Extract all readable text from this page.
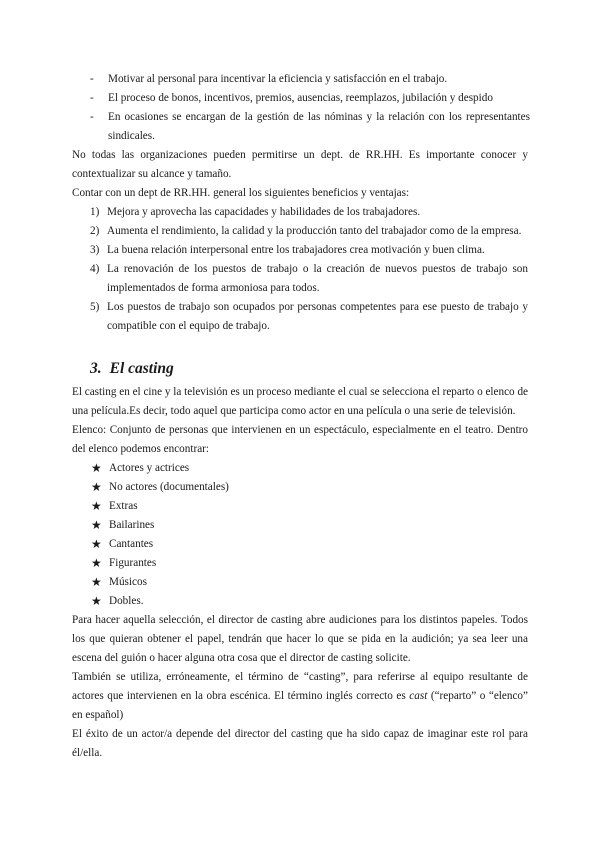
- Motivar al personal para incentivar la eficiencia y satisfacción en el trabajo.
- El proceso de bonos, incentivos, premios, ausencias, reemplazos, jubilación y despido
- En ocasiones se encargan de la gestión de las nóminas y la relación con los representantes sindicales.
No todas las organizaciones pueden permitirse un dept. de RR.HH. Es importante conocer y contextualizar su alcance y tamaño.
Contar con un dept de RR.HH. general los siguientes beneficios y ventajas:
1) Mejora y aprovecha las capacidades y habilidades de los trabajadores.
2) Aumenta el rendimiento, la calidad y la producción tanto del trabajador como de la empresa.
3) La buena relación interpersonal entre los trabajadores crea motivación y buen clima.
4) La renovación de los puestos de trabajo o la creación de nuevos puestos de trabajo son implementados de forma armoniosa para todos.
5) Los puestos de trabajo son ocupados por personas competentes para ese puesto de trabajo y compatible con el equipo de trabajo.
3. El casting
El casting en el cine y la televisión es un proceso mediante el cual se selecciona el reparto o elenco de una película.Es decir, todo aquel que participa como actor en una película o una serie de televisión.
Elenco: Conjunto de personas que intervienen en un espectáculo, especialmente en el teatro. Dentro del elenco podemos encontrar:
★ Actores y actrices
★ No actores (documentales)
★ Extras
★ Bailarines
★ Cantantes
★ Figurantes
★ Músicos
★ Dobles.
Para hacer aquella selección, el director de casting abre audiciones para los distintos papeles. Todos los que quieran obtener el papel, tendrán que hacer lo que se pida en la audición; ya sea leer una escena del guión o hacer alguna otra cosa que el director de casting solicite.
También se utiliza, erróneamente, el término de “casting”, para referirse al equipo resultante de actores que intervienen en la obra escénica. El término inglés correcto es cast (“reparto” o “elenco” en español)
El éxito de un actor/a depende del director del casting que ha sido capaz de imaginar este rol para él/ella.
